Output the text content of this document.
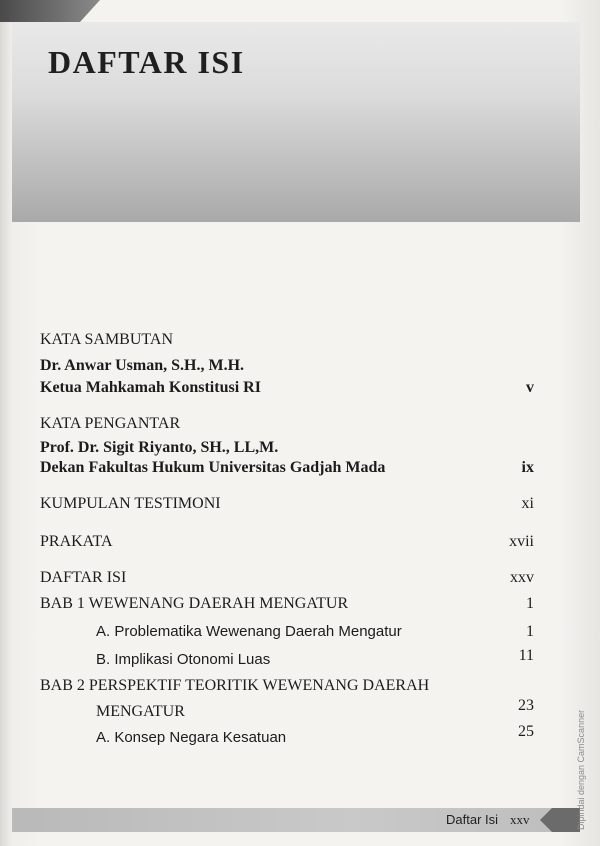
DAFTAR ISI
KATA SAMBUTAN
Dr. Anwar Usman, S.H., M.H.
Ketua Mahkamah Konstitusi RI	v
KATA PENGANTAR
Prof. Dr. Sigit Riyanto, SH., LL,M.
Dekan Fakultas Hukum Universitas Gadjah Mada	ix
KUMPULAN TESTIMONI	xi
PRAKATA	xvii
DAFTAR ISI	xxv
BAB 1 WEWENANG DAERAH MENGATUR	1
A. Problematika Wewenang Daerah Mengatur	1
B. Implikasi Otonomi Luas	11
BAB 2 PERSPEKTIF TEORITIK WEWENANG DAERAH
MENGATUR	23
A. Konsep Negara Kesatuan	25
Daftar Isi xxv	Dipindai dengan CamScanner
